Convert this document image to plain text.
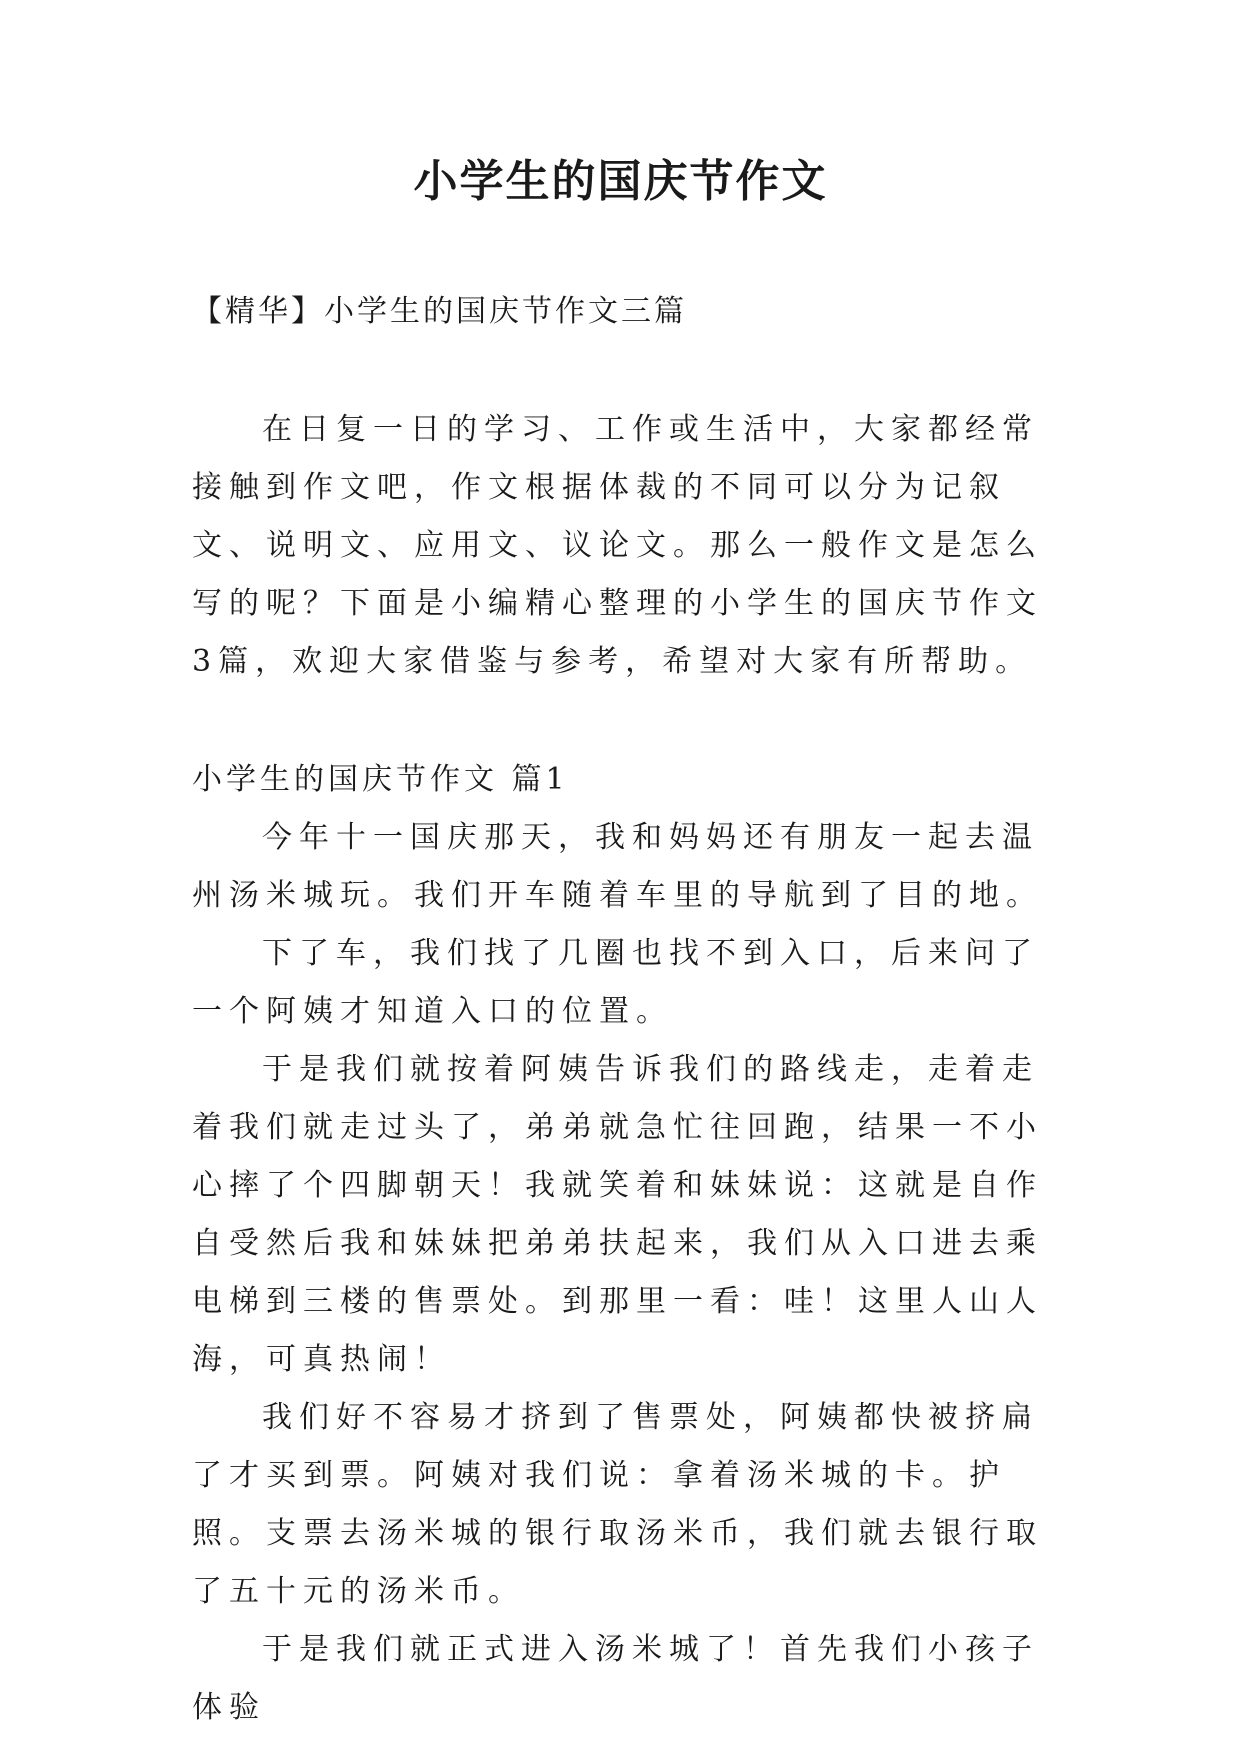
小学生的国庆节作文

【精华】小学生的国庆节作文三篇

在日复一日的学习、工作或生活中，大家都经常接触到作文吧，作文根据体裁的不同可以分为记叙文、说明文、应用文、议论文。那么一般作文是怎么写的呢？下面是小编精心整理的小学生的国庆节作文3篇，欢迎大家借鉴与参考，希望对大家有所帮助。

小学生的国庆节作文 篇1

今年十一国庆那天，我和妈妈还有朋友一起去温州汤米城玩。我们开车随着车里的导航到了目的地。

下了车，我们找了几圈也找不到入口，后来问了一个阿姨才知道入口的位置。

于是我们就按着阿姨告诉我们的路线走，走着走着我们就走过头了，弟弟就急忙往回跑，结果一不小心摔了个四脚朝天！我就笑着和妹妹说：这就是自作自受然后我和妹妹把弟弟扶起来，我们从入口进去乘电梯到三楼的售票处。到那里一看：哇！这里人山人海，可真热闹！

我们好不容易才挤到了售票处，阿姨都快被挤扁了才买到票。阿姨对我们说：拿着汤米城的卡。护照。支票去汤米城的银行取汤米币，我们就去银行取了五十元的汤米币。

于是我们就正式进入汤米城了！首先我们小孩子体验
